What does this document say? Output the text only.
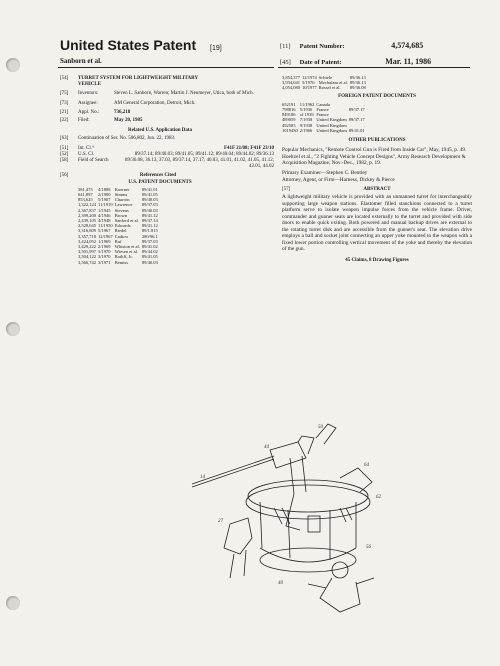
United States Patent [19]
Sanborn et al.
[11] Patent Number:	4,574,685
[45] Date of Patent:	Mar. 11, 1986
[54]	TURRET SYSTEM FOR LIGHTWEIGHT MILITARY VEHICLE
[75]	Inventors:	Steven L. Sanborn, Warren; Martin J. Neumeyer, Utica, both of Mich.
[73]	Assignee:	AM General Corporation, Detroit, Mich.
[21]	Appl. No.:	736,218
[22]	Filed:	May 20, 1985
Related U.S. Application Data
[63]	Continuation of Ser. No. 506,802, Jun. 22, 1983.
[51]	Int. Cl.⁴	F41F 21/08; F41F 23/10
[52]	U.S. Cl.	89/37.14; 89/40.03; 89/41.05; 89/41.12; 89/40.04; 89/44.02; 89/36.13
[58]	Field of Search	89/36.08, 36.13, 37.03, 89/37.14, 37.17, 40.03, 41.01, 41.02, 41.05, 41.12, 42.01, 44.02
[56]	References Cited
U.S. PATENT DOCUMENTS
381,475	4/1888	Koerner	89/41.01
641,897	2/1900	Simms	89/41.05
853,625	5/1907	Charron	89/40.03
1,322,124	11/1919	Lawrence	89/37.03
2,367,837	1/1945	Stevens	89/40.03
2,399,200	4/1946	Brown	89/41.12
2,439,105	4/1948	Sanford et al.	89/37.14
2,528,645	11/1950	Edwards	89/41.12
3,316,809	5/1967	Riedel	89/1.815
3,357,718	12/1967	Cadiou	280/96.1
3,424,052	1/1969	Ruf	89/37.03
3,429,222	2/1969	Whiston et al.	89/41.02
3,501,997	3/1970	Wiesen et al.	89/44.02
3,504,122	3/1970	Ratliff, Jr.	89/41.05
3,566,742	3/1971	Bemiss	89/40.03
3,854,377	12/1974	Schiele	89/36.13
3,934,041	5/1976	Mechulam et al.	89/36.13
4,054,080	10/1977	Rossel et al.	89/36.08
FOREIGN PATENT DOCUMENTS
652191	11/1962	Canada	.
798816	5/1936	France	89/37.17
849186	of 1939	France	.
489059	7/1938	United Kingdom	89/37.17
492583	9/1938	United Kingdom	.
1019430	2/1966	United Kingdom	89/41.01
OTHER PUBLICATIONS
Popular Mechanics, "Remote Control Gun is Fired from Inside Car", May, 1945, p. 49.
Hoeltzel et al., "2 Fighting Vehicle Concept Designs", Army Research Development & Acquisition Magazine, Nov.-Dec., 1982, p. 19.
Primary Examiner—Stephen C. Bentley
Attorney, Agent, or Firm—Harness, Dickey & Pierce
[57]	ABSTRACT
A lightweight military vehicle is provided with an unmanned turret for interchangeably supporting large weapon stations. Elastomer filled stanchions connected to a turret platform serve to isolate weapon impulse forces from the vehicle frame. Driver, commander and gunner seats are located externally to the turret and provided with side doors to enable quick exiting. Both powered and manual backup drives are external to the rotating turret disk and are accessible from the gunner's seat. The elevation drive employs a ball and socket joint connecting an upper yoke mounted to the weapon with a fixed lower portion controlling vertical movement of the yoke and thereby the elevation of the gun.
45 Claims, 8 Drawing Figures
14
44
50
64
62
27
56
40
